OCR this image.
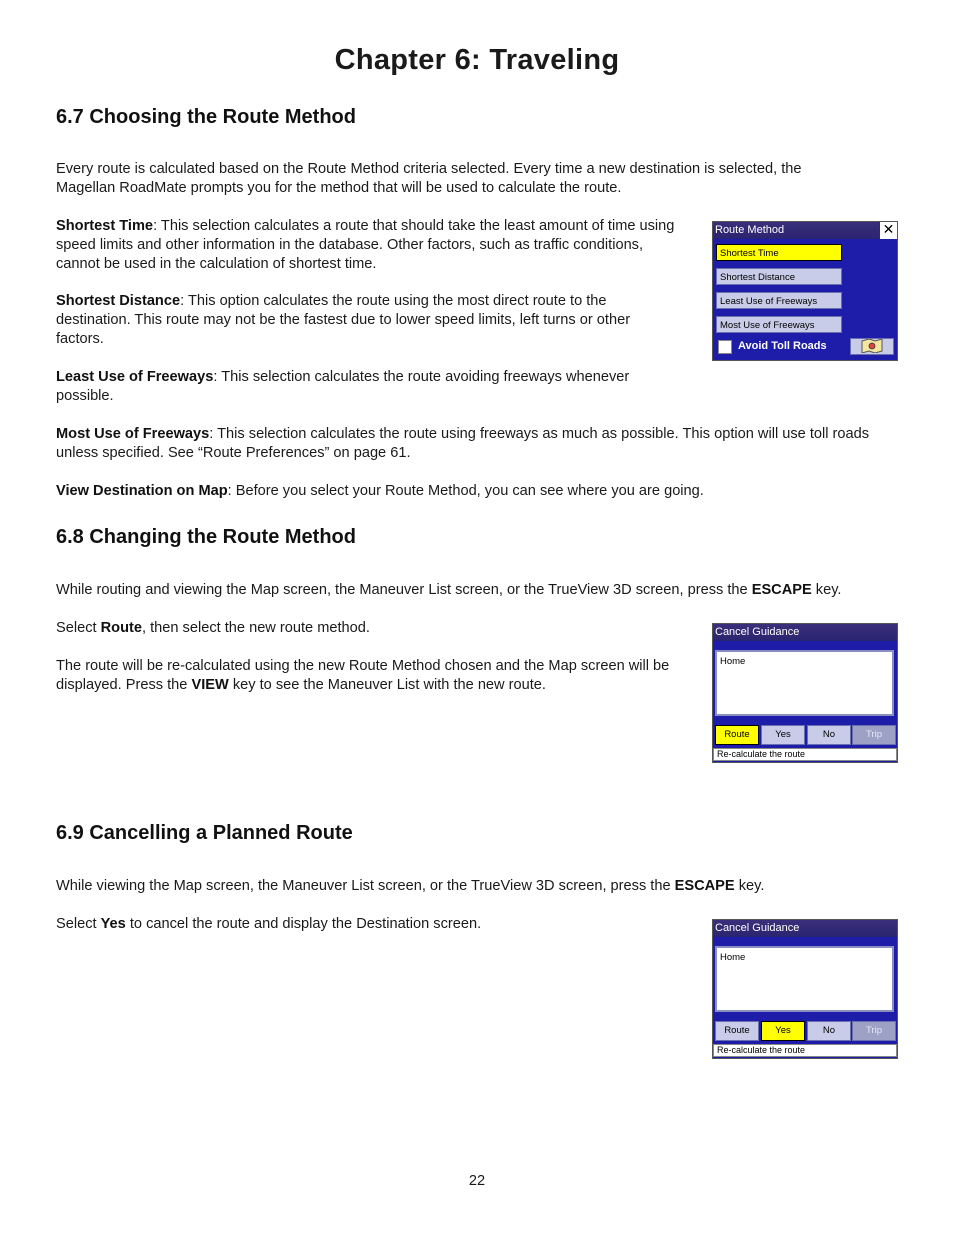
Chapter 6: Traveling
6.7 Choosing the Route Method
Every route is calculated based on the Route Method criteria selected. Every time a new destination is selected, the Magellan RoadMate prompts you for the method that will be used to calculate the route.
Shortest Time: This selection calculates a route that should take the least amount of time using speed limits and other information in the database. Other factors, such as traffic conditions, cannot be used in the calculation of shortest time.
Shortest Distance: This option calculates the route using the most direct route to the destination. This route may not be the fastest due to lower speed limits, left turns or other factors.
Least Use of Freeways: This selection calculates the route avoiding freeways whenever possible.
Most Use of Freeways: This selection calculates the route using freeways as much as possible. This option will use toll roads unless specified. See “Route Preferences” on page 61.
View Destination on Map: Before you select your Route Method, you can see where you are going.
Route Method	✕
Shortest Time
Shortest Distance
Least Use of Freeways
Most Use of Freeways
Avoid Toll Roads
6.8 Changing the Route Method
While routing and viewing the Map screen, the Maneuver List screen, or the TrueView 3D screen, press the ESCAPE key.
Select Route, then select the new route method.
The route will be re-calculated using the new Route Method chosen and the Map screen will be displayed. Press the VIEW key to see the Maneuver List with the new route.
Cancel Guidance
Home
Route	Yes	No	Trip
Re-calculate the route
6.9 Cancelling a Planned Route
While viewing the Map screen, the Maneuver List screen, or the TrueView 3D screen, press the ESCAPE key.
Select Yes to cancel the route and display the Destination screen.	Cancel Guidance
Home
Route	Yes	No	Trip
Re-calculate the route
22
